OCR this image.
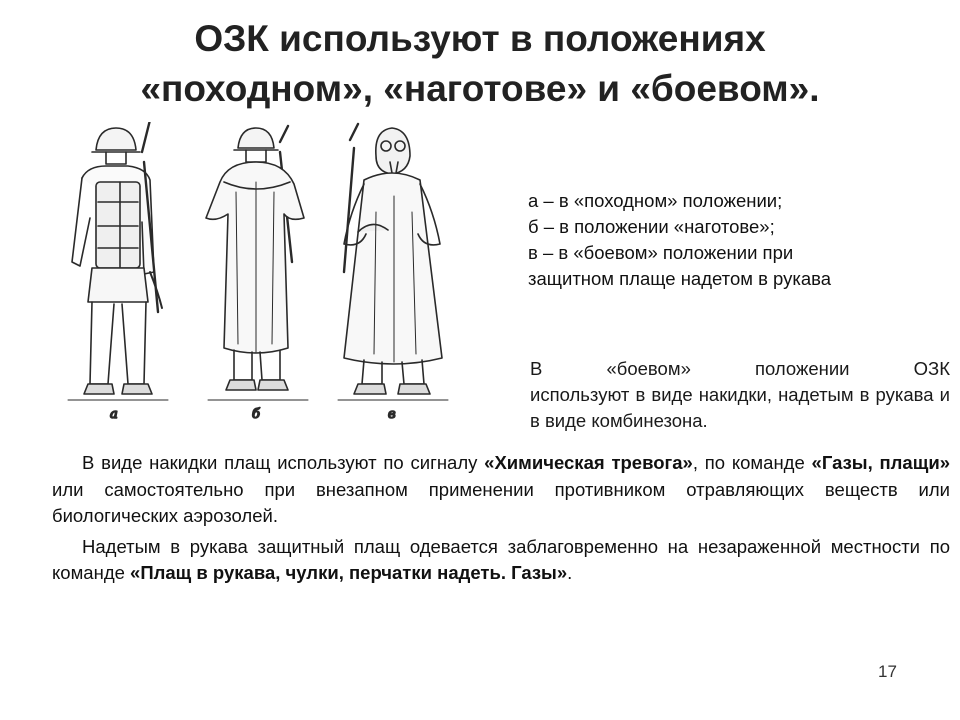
ОЗК используют в положениях
«походном», «наготове» и «боевом».
а	б	в
а – в «походном» положении;
б – в положении «наготове»;
в – в «боевом» положении при
защитном плаще надетом в рукава
В «боевом» положении ОЗК
используют в виде накидки, надетым в рукава и в виде комбинезона.

В виде накидки плащ используют по сигналу «Химическая тревога», по команде «Газы, плащи» или самостоятельно при внезапном применении противником отравляющих веществ или биологических аэрозолей.

Надетым в рукава защитный плащ одевается заблаговременно на незараженной местности по команде «Плащ в рукава, чулки, перчатки надеть. Газы».

17
